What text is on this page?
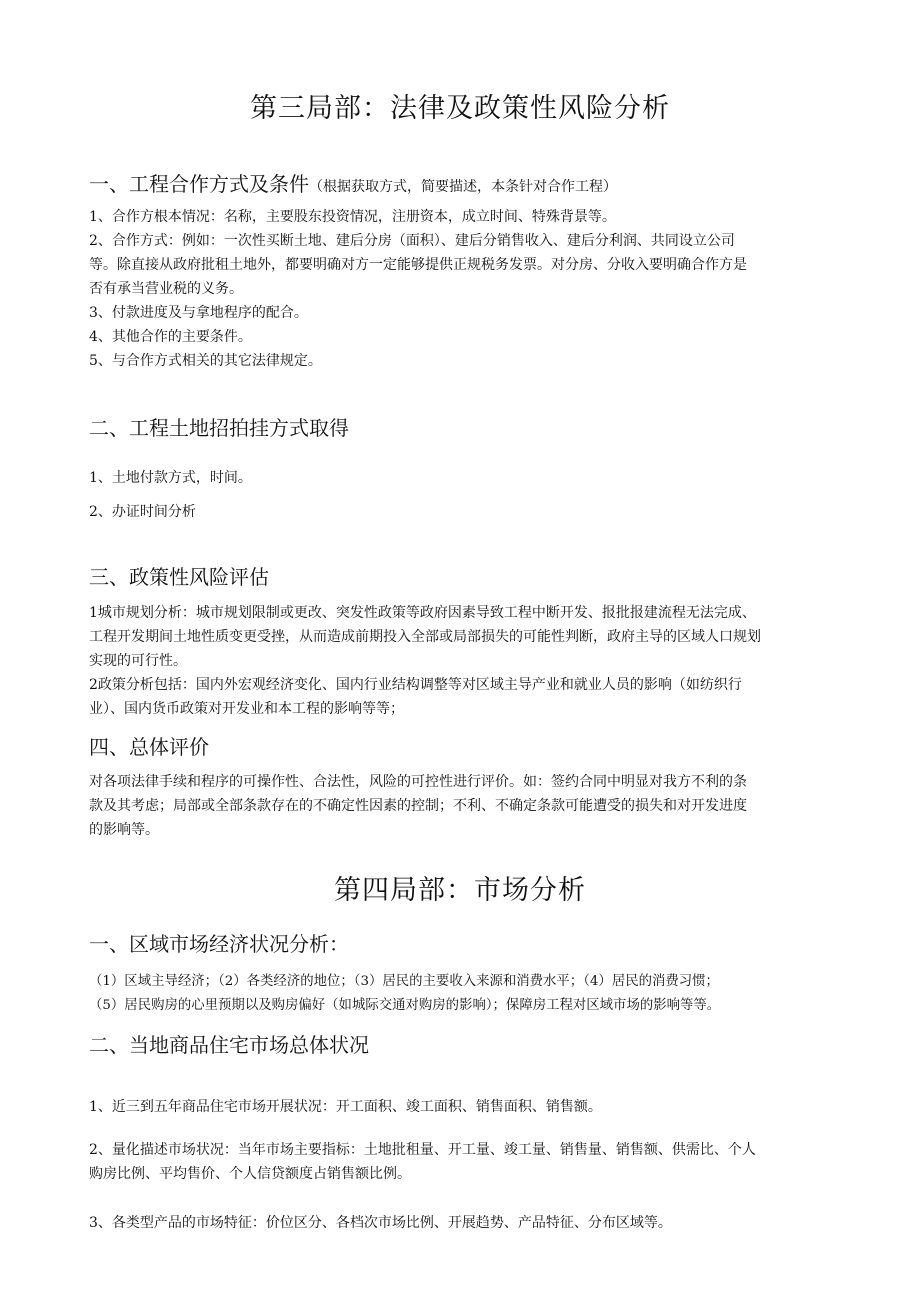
第三局部：法律及政策性风险分析
一、工程合作方式及条件（根据获取方式，简要描述，本条针对合作工程）
1、合作方根本情况：名称，主要股东投资情况，注册资本，成立时间、特殊背景等。
2、合作方式：例如：一次性买断土地、建后分房（面积）、建后分销售收入、建后分利润、共同设立公司
等。除直接从政府批租土地外，都要明确对方一定能够提供正规税务发票。对分房、分收入要明确合作方是
否有承当营业税的义务。
3、付款进度及与拿地程序的配合。
4、其他合作的主要条件。
5、与合作方式相关的其它法律规定。
二、工程土地招拍挂方式取得
1、土地付款方式，时间。
2、办证时间分析
三、政策性风险评估
1城市规划分析：城市规划限制或更改、突发性政策等政府因素导致工程中断开发、报批报建流程无法完成、
工程开发期间土地性质变更受挫，从而造成前期投入全部或局部损失的可能性判断，政府主导的区域人口规划
实现的可行性。
2政策分析包括：国内外宏观经济变化、国内行业结构调整等对区域主导产业和就业人员的影响（如纺织行
业）、国内货币政策对开发业和本工程的影响等等；
四、总体评价
对各项法律手续和程序的可操作性、合法性，风险的可控性进行评价。如：签约合同中明显对我方不利的条
款及其考虑；局部或全部条款存在的不确定性因素的控制；不利、不确定条款可能遭受的损失和对开发进度
的影响等。
第四局部：市场分析
一、区域市场经济状况分析：
（1）区域主导经济；（2）各类经济的地位；（3）居民的主要收入来源和消费水平；（4）居民的消费习惯；
（5）居民购房的心里预期以及购房偏好（如城际交通对购房的影响）；保障房工程对区域市场的影响等等。
二、当地商品住宅市场总体状况
1、近三到五年商品住宅市场开展状况：开工面积、竣工面积、销售面积、销售额。
2、量化描述市场状况：当年市场主要指标：土地批租量、开工量、竣工量、销售量、销售额、供需比、个人
购房比例、平均售价、个人信贷额度占销售额比例。
3、各类型产品的市场特征：价位区分、各档次市场比例、开展趋势、产品特征、分布区域等。
